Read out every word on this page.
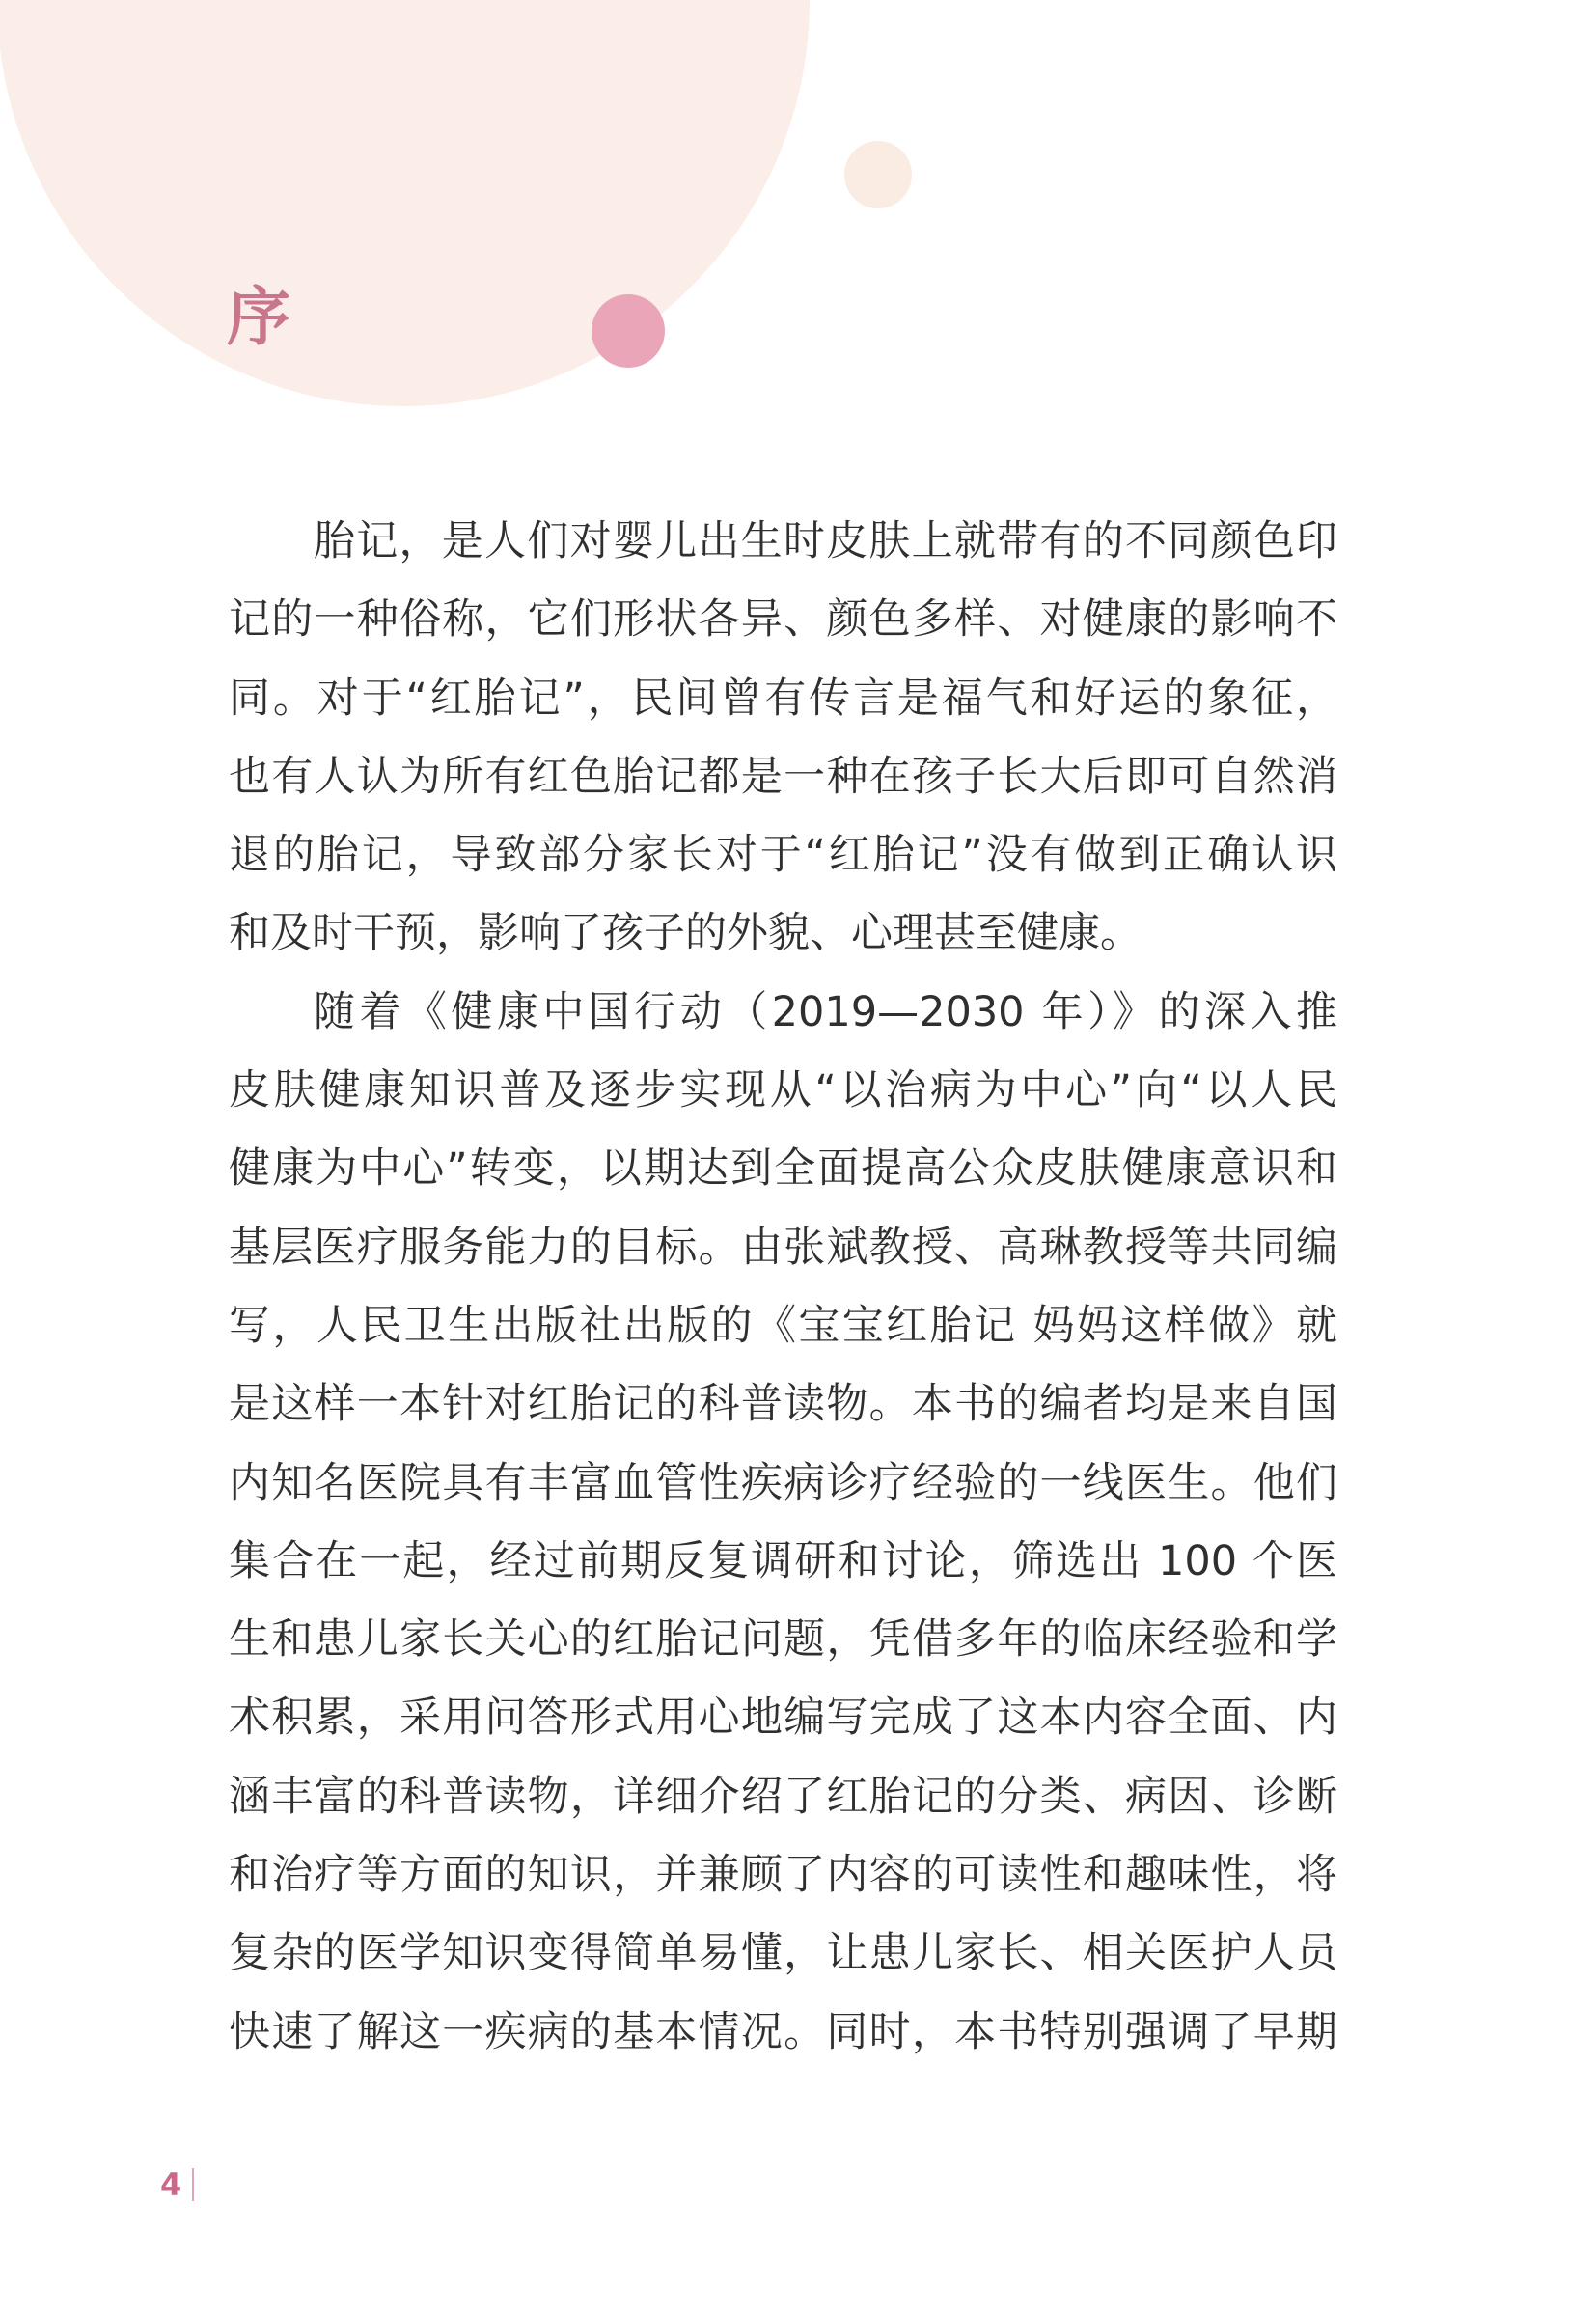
序
胎记，是人们对婴儿出生时皮肤上就带有的不同颜色印
记的一种俗称，它们形状各异、颜色多样、对健康的影响不
同。对于“红胎记”，民间曾有传言是福气和好运的象征，
也有人认为所有红色胎记都是一种在孩子长大后即可自然消
退的胎记，导致部分家长对于“红胎记”没有做到正确认识
和及时干预，影响了孩子的外貌、心理甚至健康。
随着《健康中国行动（2019—2030 年）》的深入推
皮肤健康知识普及逐步实现从“以治病为中心”向“以人民
健康为中心”转变，以期达到全面提高公众皮肤健康意识和
基层医疗服务能力的目标。由张斌教授、高琳教授等共同编
写，人民卫生出版社出版的《宝宝红胎记 妈妈这样做》就
是这样一本针对红胎记的科普读物。本书的编者均是来自国
内知名医院具有丰富血管性疾病诊疗经验的一线医生。他们
集合在一起，经过前期反复调研和讨论，筛选出 100 个医
生和患儿家长关心的红胎记问题，凭借多年的临床经验和学
术积累，采用问答形式用心地编写完成了这本内容全面、内
涵丰富的科普读物，详细介绍了红胎记的分类、病因、诊断
和治疗等方面的知识，并兼顾了内容的可读性和趣味性，将
复杂的医学知识变得简单易懂，让患儿家长、相关医护人员
快速了解这一疾病的基本情况。同时，本书特别强调了早期
4
